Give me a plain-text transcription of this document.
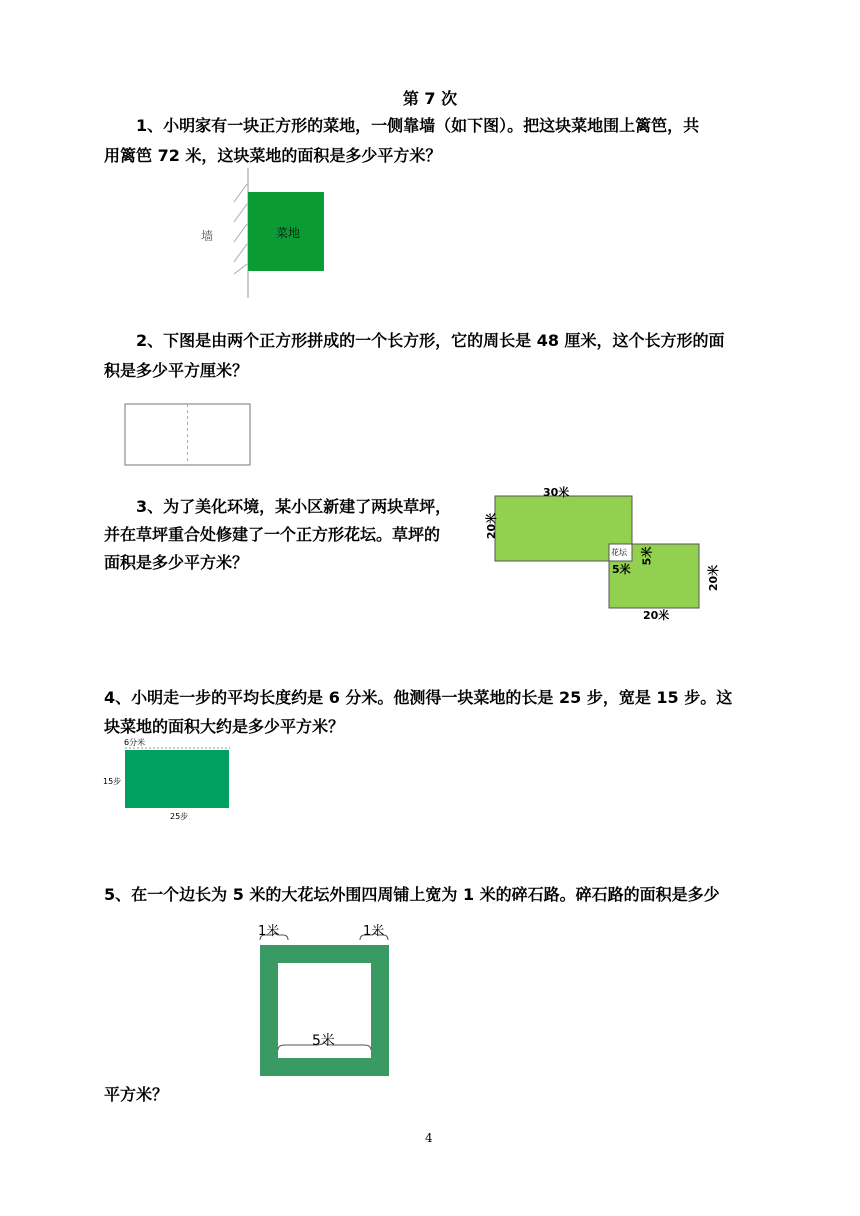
第 7 次
1、小明家有一块正方形的菜地，一侧靠墙（如下图）。把这块菜地围上篱笆，共
用篱笆 72 米，这块菜地的面积是多少平方米？
墙	菜地
2、下图是由两个正方形拼成的一个长方形，它的周长是 48 厘米，这个长方形的面
积是多少平方厘米？
3、为了美化环境，某小区新建了两块草坪，
并在草坪重合处修建了一个正方形花坛。草坪的
面积是多少平方米？
30米
20米
花坛
5米
5米
20米
20米
4、小明走一步的平均长度约是 6 分米。他测得一块菜地的长是 25 步，宽是 15 步。这
块菜地的面积大约是多少平方米？
6分米
15步
25步
5、在一个边长为 5 米的大花坛外围四周铺上宽为 1 米的碎石路。碎石路的面积是多少
1米	1米
5米
平方米？
4
